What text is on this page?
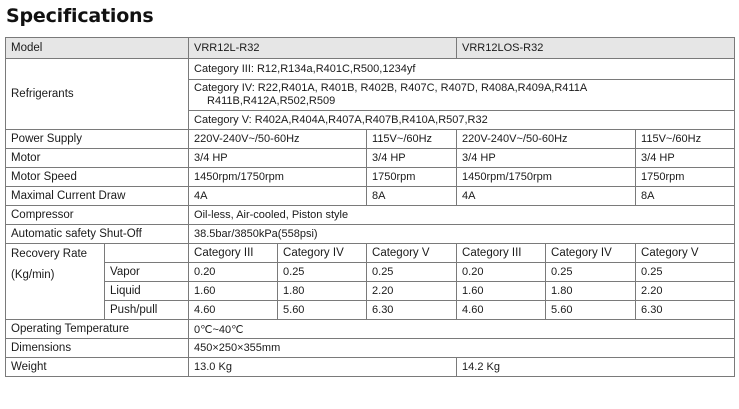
Specifications
Model		VRR12L-R32			VRR12LOS-R32		
Refrigerants		Category III: R12,R134a,R401C,R500,1234yf					

		Category IV: R22,R401A, R401B, R402B, R407C, R407D, R408A,R409A,R411A
R411B,R412A,R502,R509					

		Category V: R402A,R404A,R407A,R407B,R410A,R507,R32					
Power Supply		220V-240V~/50-60Hz		115V~/60Hz	220V-240V~/50-60Hz		115V~/60Hz
Motor		3/4 HP		3/4 HP	3/4 HP		3/4 HP
Motor Speed		1450rpm/1750rpm		1750rpm	1450rpm/1750rpm		1750rpm
Maximal Current Draw		4A		8A	4A		8A
Compressor		Oil-less, Air-cooled, Piston style					
Automatic safety Shut-Off		38.5bar/3850kPa(558psi)					

Recovery Rate
(Kg/min)		Category III	Category IV	Category V	Category III	Category IV	Category V
	Vapor	0.20	0.25	0.25	0.20	0.25	0.25
	Liquid	1.60	1.80	2.20	1.60	1.80	2.20
	Push/pull	4.60	5.60	6.30	4.60	5.60	6.30
Operating Temperature		0℃~40℃					
Dimensions		450×250×355mm					
Weight		13.0 Kg			14.2 Kg		
